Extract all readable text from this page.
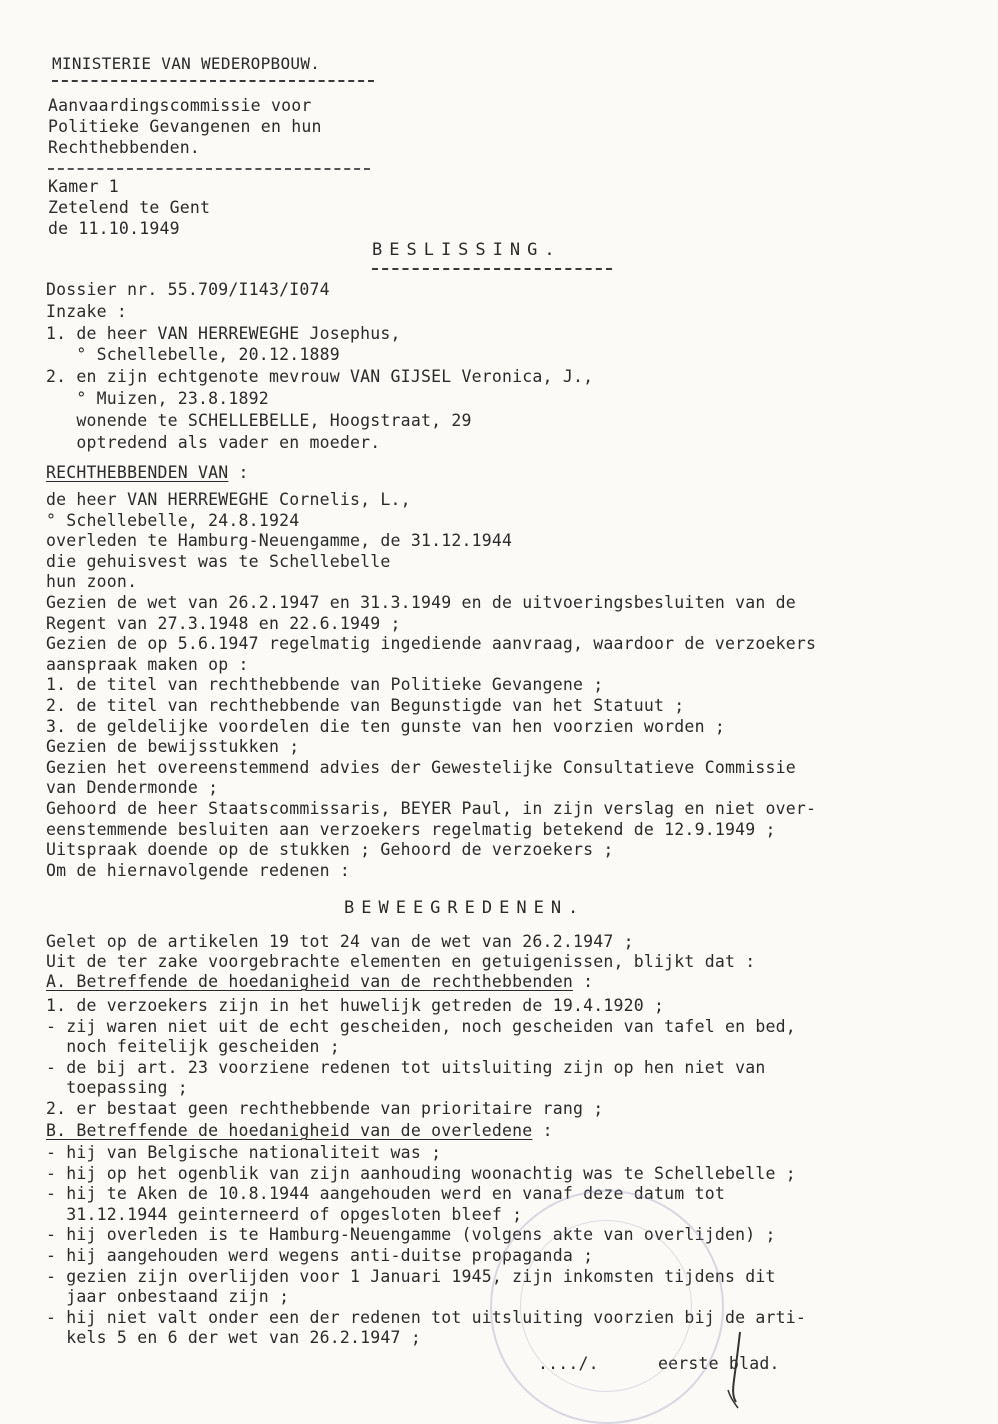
MINISTERIE VAN WEDEROPBOUW.
Aanvaardingscommissie voor
Politieke Gevangenen en hun
Rechthebbenden.
Kamer 1
Zetelend te Gent
de 11.10.1949
BESLISSING.
Dossier nr. 55.709/I143/I074
Inzake :
1. de heer VAN HERREWEGHE Josephus,
° Schellebelle, 20.12.1889
2. en zijn echtgenote mevrouw VAN GIJSEL Veronica, J.,
° Muizen, 23.8.1892
wonende te SCHELLEBELLE, Hoogstraat, 29
optredend als vader en moeder.
RECHTHEBBENDEN VAN :
de heer VAN HERREWEGHE Cornelis, L.,
° Schellebelle, 24.8.1924
overleden te Hamburg-Neuengamme, de 31.12.1944
die gehuisvest was te Schellebelle
hun zoon.
Gezien de wet van 26.2.1947 en 31.3.1949 en de uitvoeringsbesluiten van de
Regent van 27.3.1948 en 22.6.1949 ;
Gezien de op 5.6.1947 regelmatig ingediende aanvraag, waardoor de verzoekers
aanspraak maken op :
1. de titel van rechthebbende van Politieke Gevangene ;
2. de titel van rechthebbende van Begunstigde van het Statuut ;
3. de geldelijke voordelen die ten gunste van hen voorzien worden ;
Gezien de bewijsstukken ;
Gezien het overeenstemmend advies der Gewestelijke Consultatieve Commissie
van Dendermonde ;
Gehoord de heer Staatscommissaris, BEYER Paul, in zijn verslag en niet over-
eenstemmende besluiten aan verzoekers regelmatig betekend de 12.9.1949 ;
Uitspraak doende op de stukken ; Gehoord de verzoekers ;
Om de hiernavolgende redenen :
BEWEEGREDENEN.
Gelet op de artikelen 19 tot 24 van de wet van 26.2.1947 ;
Uit de ter zake voorgebrachte elementen en getuigenissen, blijkt dat :
A. Betreffende de hoedanigheid van de rechthebbenden :
1. de verzoekers zijn in het huwelijk getreden de 19.4.1920 ;
- zij waren niet uit de echt gescheiden, noch gescheiden van tafel en bed,
noch feitelijk gescheiden ;
- de bij art. 23 voorziene redenen tot uitsluiting zijn op hen niet van
toepassing ;
2. er bestaat geen rechthebbende van prioritaire rang ;
B. Betreffende de hoedanigheid van de overledene :
- hij van Belgische nationaliteit was ;
- hij op het ogenblik van zijn aanhouding woonachtig was te Schellebelle ;
- hij te Aken de 10.8.1944 aangehouden werd en vanaf deze datum tot
31.12.1944 geinterneerd of opgesloten bleef ;
- hij overleden is te Hamburg-Neuengamme (volgens akte van overlijden) ;
- hij aangehouden werd wegens anti-duitse propaganda ;
- gezien zijn overlijden voor 1 Januari 1945, zijn inkomsten tijdens dit
jaar onbestaand zijn ;
- hij niet valt onder een der redenen tot uitsluiting voorzien bij de arti-
kels 5 en 6 der wet van 26.2.1947 ;
..../.	eerste blad.
